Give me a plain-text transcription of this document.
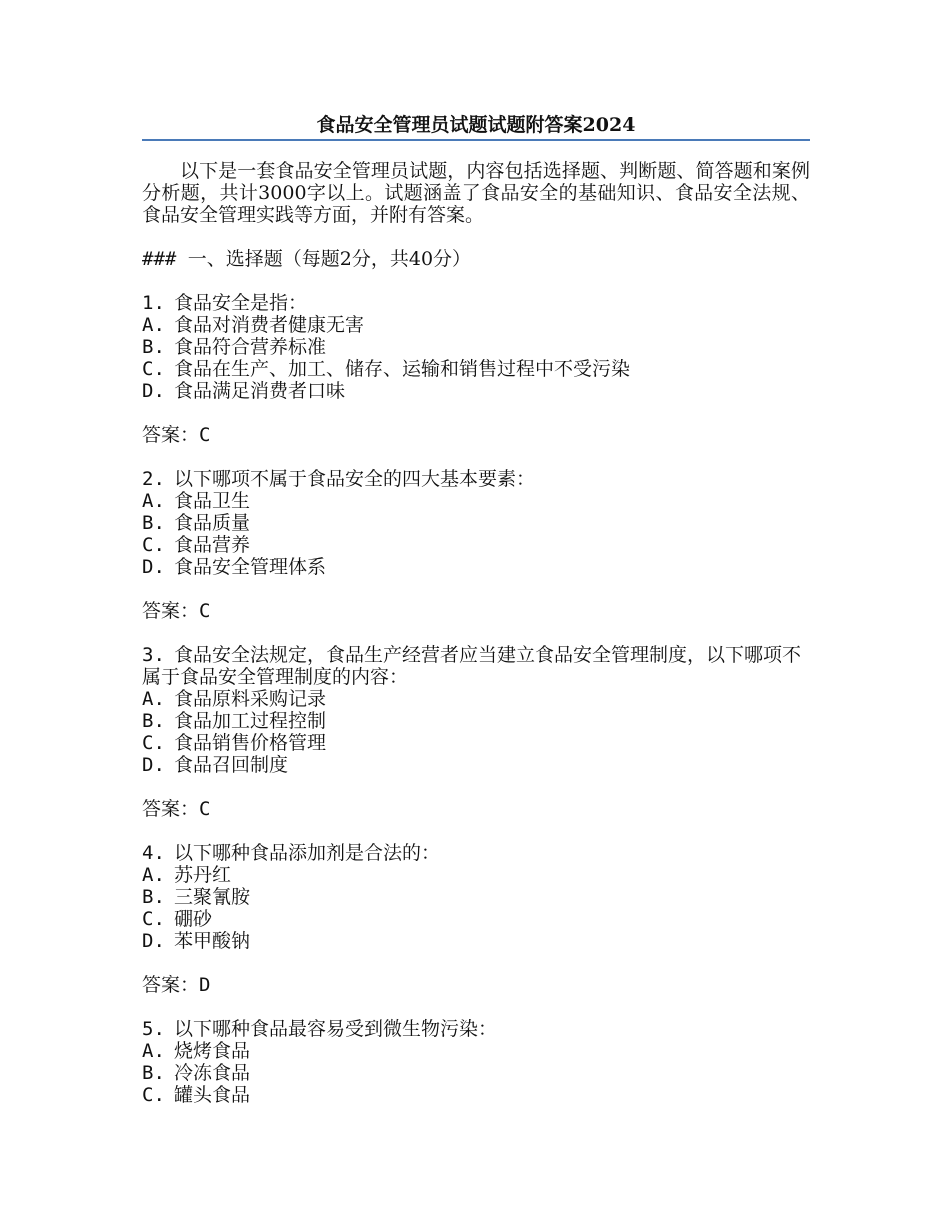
食品安全管理员试题试题附答案2024

以下是一套食品安全管理员试题，内容包括选择题、判断题、简答题和案例分析题，共计3000字以上。试题涵盖了食品安全的基础知识、食品安全法规、食品安全管理实践等方面，并附有答案。

### 一、选择题（每题2分，共40分）

1. 食品安全是指：

A. 食品对消费者健康无害

B. 食品符合营养标准

C. 食品在生产、加工、储存、运输和销售过程中不受污染

D. 食品满足消费者口味

答案：C

2. 以下哪项不属于食品安全的四大基本要素：

A. 食品卫生

B. 食品质量

C. 食品营养

D. 食品安全管理体系

答案：C

3. 食品安全法规定，食品生产经营者应当建立食品安全管理制度，以下哪项不属于食品安全管理制度的内容：

A. 食品原料采购记录

B. 食品加工过程控制

C. 食品销售价格管理

D. 食品召回制度

答案：C

4. 以下哪种食品添加剂是合法的：

A. 苏丹红

B. 三聚氰胺

C. 硼砂

D. 苯甲酸钠

答案：D

5. 以下哪种食品最容易受到微生物污染：

A. 烧烤食品

B. 冷冻食品

C. 罐头食品
